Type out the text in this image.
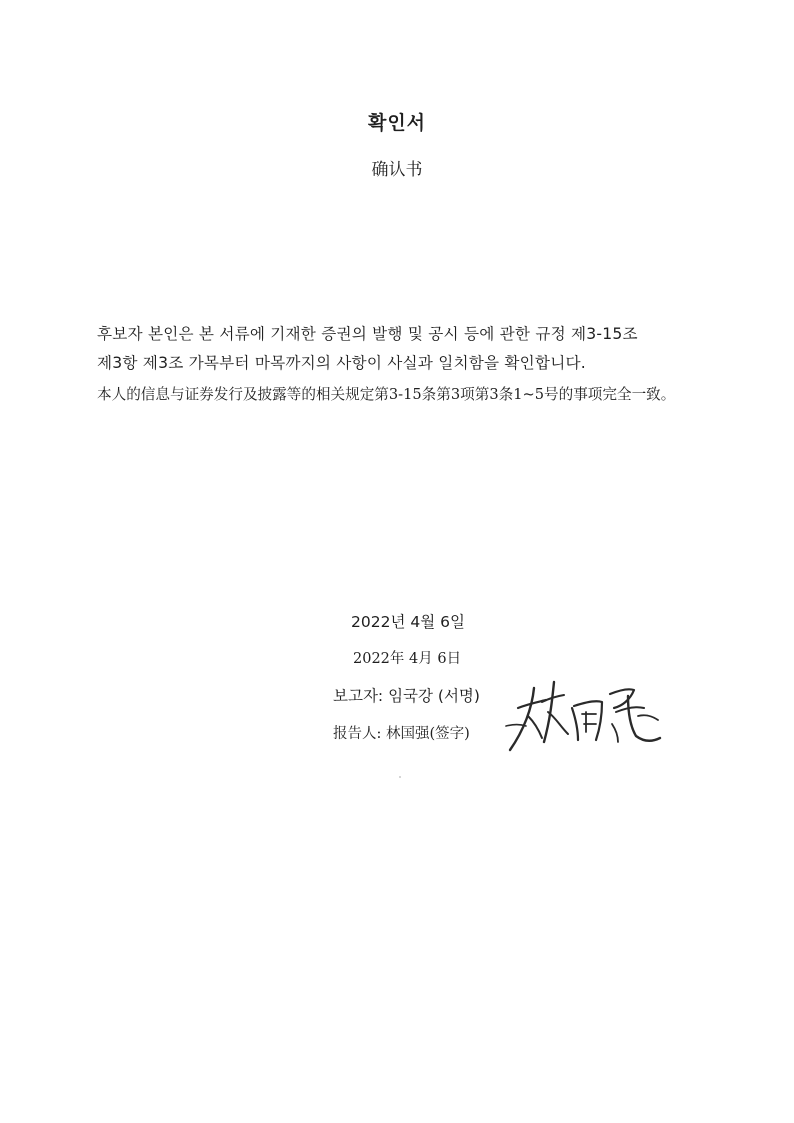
확인서
确认书
후보자 본인은 본 서류에 기재한 증권의 발행 및 공시 등에 관한 규정 제3-15조
제3항 제3조 가목부터 마목까지의 사항이 사실과 일치함을 확인합니다.
本人的信息与证券发行及披露等的相关规定第3-15条第3项第3条1~5号的事项完全一致。
2022년 4월 6일
2022年 4月 6日
보고자: 임국강 (서명)
报告人: 林国强(签字)
